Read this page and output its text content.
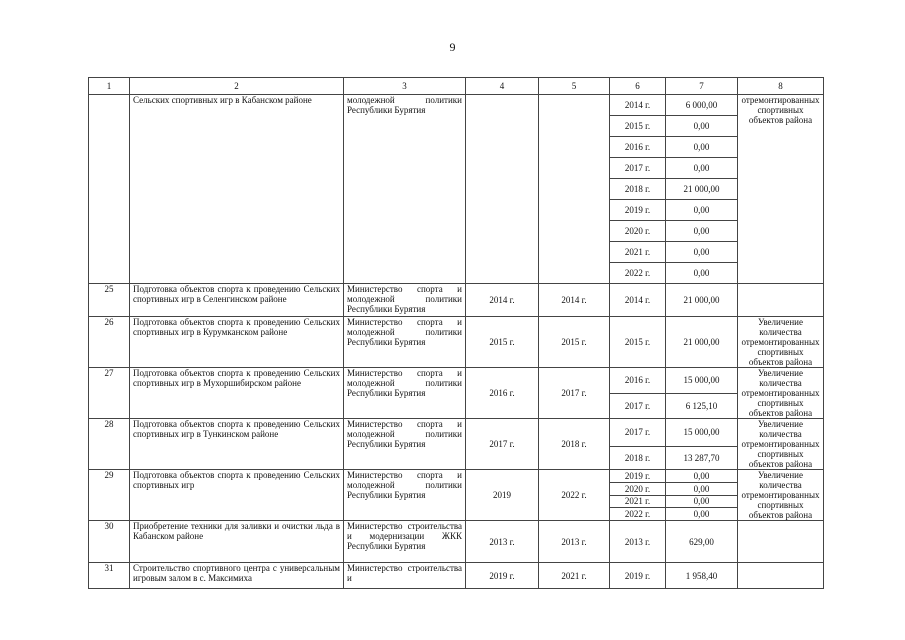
9
1	2	3	4	5	6	7	8
	Сельских спортивных игр в Кабанском районе	молодежной политики Республики Бурятия			2014 г.	6 000,00	отремонтированных спортивных объектов района
					2015 г.	0,00	
					2016 г.	0,00	
					2017 г.	0,00	
					2018 г.	21 000,00	
					2019 г.	0,00	
					2020 г.	0,00	
					2021 г.	0,00	
					2022 г.	0,00	
25	Подготовка объектов спорта к проведению Сельских спортивных игр в Селенгинском районе	Министерство спорта и молодежной политики Республики Бурятия	2014 г.	2014 г.	2014 г.	21 000,00	
26	Подготовка объектов спорта к проведению Сельских спортивных игр в Курумканском районе	Министерство спорта и молодежной политики Республики Бурятия	2015 г.	2015 г.	2015 г.	21 000,00	Увеличение количества отремонтированных спортивных объектов района
27	Подготовка объектов спорта к проведению Сельских спортивных игр в Мухоршибирском районе	Министерство спорта и молодежной политики Республики Бурятия	2016 г.	2017 г.	2016 г.	15 000,00	Увеличение количества отремонтированных спортивных объектов района
					2017 г.	6 125,10	
28	Подготовка объектов спорта к проведению Сельских спортивных игр в Тункинском районе	Министерство спорта и молодежной политики Республики Бурятия	2017 г.	2018 г.	2017 г.	15 000,00	Увеличение количества отремонтированных спортивных объектов района
					2018 г.	13 287,70	
29	Подготовка объектов спорта к проведению Сельских спортивных игр	Министерство спорта и молодежной политики Республики Бурятия	2019	2022 г.	2019 г.	0,00	Увеличение количества отремонтированных спортивных объектов района
					2020 г.	0,00	
					2021 г.	0,00	
					2022 г.	0,00	
30	Приобретение техники для заливки и очистки льда в Кабанском районе	Министерство строительства и модернизации ЖКК Республики Бурятия	2013 г.	2013 г.	2013 г.	629,00	
31	Строительство спортивного центра с универсальным игровым залом в с. Максимиха	Министерство строительства и	2019 г.	2021 г.	2019 г.	1 958,40	
